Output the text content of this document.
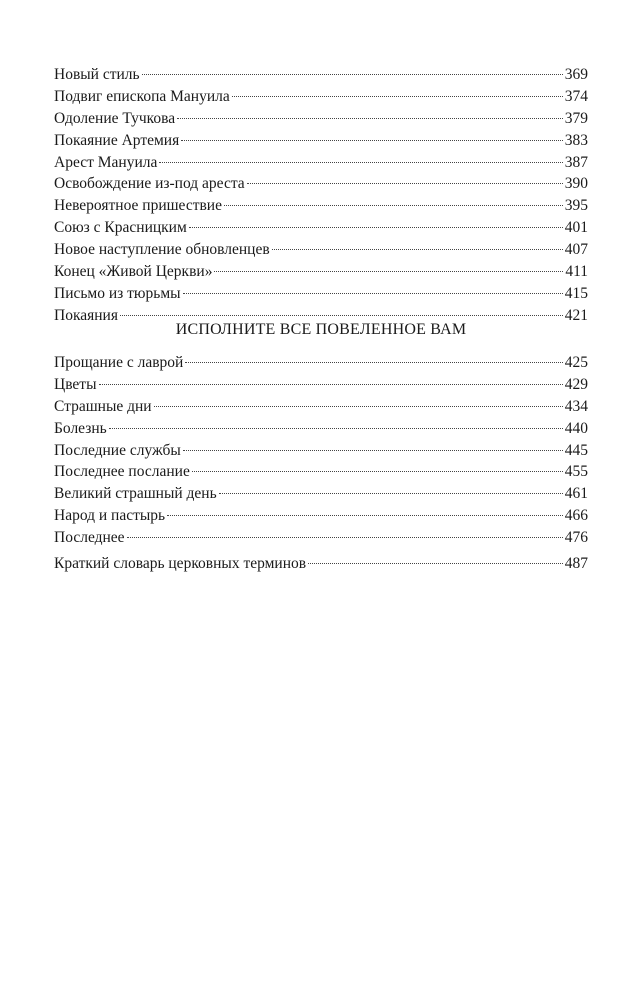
Новый стиль	369
Подвиг епископа Мануила	374
Одоление Тучкова	379
Покаяние Артемия	383
Арест Мануила	387
Освобождение из-под ареста	390
Невероятное пришествие	395
Союз с Красницким	401
Новое наступление обновленцев	407
Конец «Живой Церкви»	411
Письмо из тюрьмы	415
Покаяния	421
ИСПОЛНИТЕ ВСЕ ПОВЕЛЕННОЕ ВАМ
Прощание с лаврой	425
Цветы	429
Страшные дни	434
Болезнь	440
Последние службы	445
Последнее послание	455
Великий страшный день	461
Народ и пастырь	466
Последнее	476
Краткий словарь церковных терминов	487
